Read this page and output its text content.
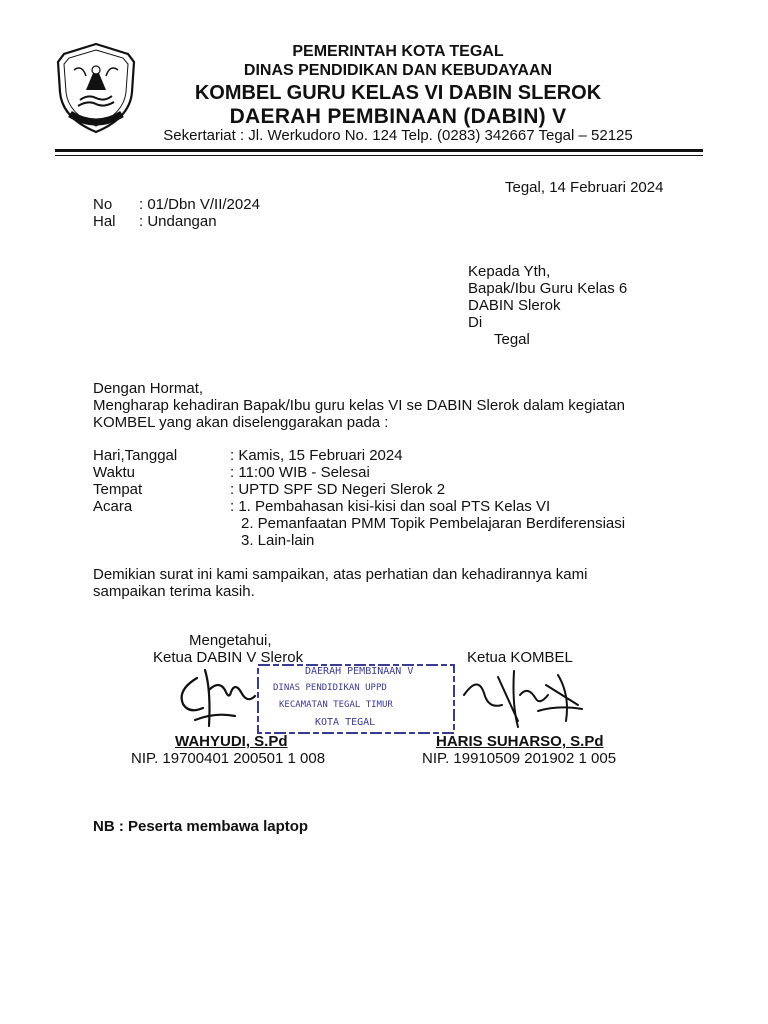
PEMERINTAH KOTA TEGAL
DINAS PENDIDIKAN DAN KEBUDAYAAN
KOMBEL GURU KELAS VI DABIN SLEROK
DAERAH PEMBINAAN (DABIN) V
Sekertariat : Jl. Werkudoro No. 124 Telp. (0283) 342667 Tegal – 52125
Tegal, 14 Februari 2024
No : 01/Dbn V/II/2024
Hal : Undangan
Kepada Yth,
Bapak/Ibu Guru Kelas 6
DABIN Slerok
Di
Tegal
Dengan Hormat,
Mengharap kehadiran Bapak/Ibu guru kelas VI se DABIN Slerok dalam kegiatan
KOMBEL yang akan diselenggarakan pada :
Hari,Tanggal	: Kamis, 15 Februari 2024
Waktu	: 11:00 WIB - Selesai
Tempat	: UPTD SPF SD Negeri Slerok 2
Acara	: 1. Pembahasan kisi-kisi dan soal PTS Kelas VI
2. Pemanfaatan PMM Topik Pembelajaran Berdiferensiasi
3. Lain-lain
Demikian surat ini kami sampaikan, atas perhatian dan kehadirannya kami
sampaikan terima kasih.
Mengetahui,
Ketua DABIN V Slerok	Ketua KOMBEL
DAERAH PEMBINAAN V
DINAS PENDIDIKAN UPPD
KECAMATAN TEGAL TIMUR
KOTA TEGAL
WAHYUDI, S.Pd	HARIS SUHARSO, S.Pd
NIP. 19700401 200501 1 008	NIP. 19910509 201902 1 005
NB : Peserta membawa laptop
